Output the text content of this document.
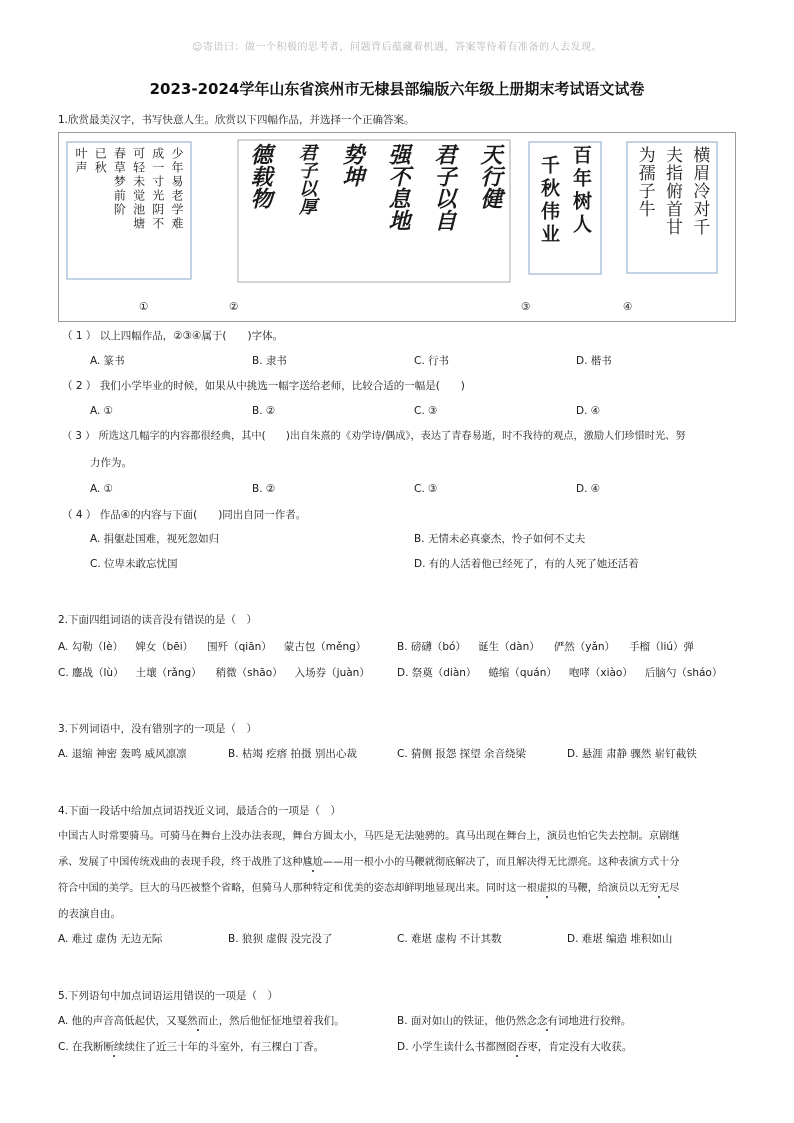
☺寄语曰：做一个积极的思考者，问题背后蕴藏着机遇，答案等待着有准备的人去发现。
2023-2024学年山东省滨州市无棣县部编版六年级上册期末考试语文试卷
1.欣赏最美汉字，书写快意人生。欣赏以下四幅作品，并选择一个正确答案。
少年易老学难
成一寸光阴不
可轻未觉池塘
春草梦前阶
已秋
叶声	天行健
君子以自
强不息地
势坤
君子以厚
德载物	百年树人
千秋伟业	横眉冷对千
夫指俯首甘
为孺子牛
①	②	③	④
（ 1 ） 以上四幅作品，②③④属于(　　)字体。
A. 篆书	B. 隶书	C. 行书	D. 楷书
（ 2 ） 我们小学毕业的时候，如果从中挑选一幅字送给老师，比较合适的一幅是(　　)
A. ①	B. ②	C. ③	D. ④
（ 3 ） 所选这几幅字的内容都很经典，其中(　　)出自朱熹的《劝学诗/偶成》，表达了青春易逝，时不我待的观点，激励人们珍惜时光、努
力作为。
A. ①	B. ②	C. ③	D. ④
（ 4 ） 作品④的内容与下面(　　)同出自同一作者。
A. 捐躯赴国难，视死忽如归	B. 无情未必真豪杰，怜子如何不丈夫
C. 位卑未敢忘忧国	D. 有的人活着他已经死了，有的人死了她还活着
2.下面四组词语的读音没有错误的是（　）
A. 勾勒（lè） 婢女（bēi） 围歼（qiān） 蒙古包（měng）	B. 磅礴（bó） 诞生（dàn） 俨然（yǎn） 手榴（liú）弹
C. 鏖战（lù） 土壤（rǎng） 稍微（shāo） 入场券（juàn）	D. 祭奠（diàn） 蜷缩（quán） 咆哮（xiào） 后脑勺（sháo）
3.下列词语中，没有错别字的一项是（　）
A. 退缩 神密 轰鸣 威风凛凛	B. 枯竭 疙瘩 拍摄 别出心裁	C. 猜侧 报怨 探望 余音绕梁	D. 悬涯 肃静 骤然 崭钉截铁
4.下面一段话中给加点词语找近义词，最适合的一项是（　）
中国古人时常要骑马。可骑马在舞台上没办法表现，舞台方圆太小，马匹是无法驰骋的。真马出现在舞台上，演员也怕它失去控制。京剧继
承、发展了中国传统戏曲的表现手段，终于战胜了这种尴尬——用一根小小的马鞭就彻底解决了，而且解决得无比漂亮。这种表演方式十分
符合中国的美学。巨大的马匹被整个省略，但骑马人那种特定和优美的姿态却鲜明地显现出来。同时这一根虚拟的马鞭，给演员以无穷无尽
的表演自由。
A. 难过 虚伪 无边无际	B. 狼狈 虚假 没完没了	C. 难堪 虚构 不计其数	D. 难堪 编造 堆积如山
5.下列语句中加点词语运用错误的一项是（　）
A. 他的声音高低起伏，又戛然而止，然后他怔怔地望着我们。	B. 面对如山的铁证，他仍然念念有词地进行狡辩。
C. 在我断断续续住了近三十年的斗室外，有三棵白丁香。	D. 小学生读什么书都囫囵吞枣，肯定没有大收获。
